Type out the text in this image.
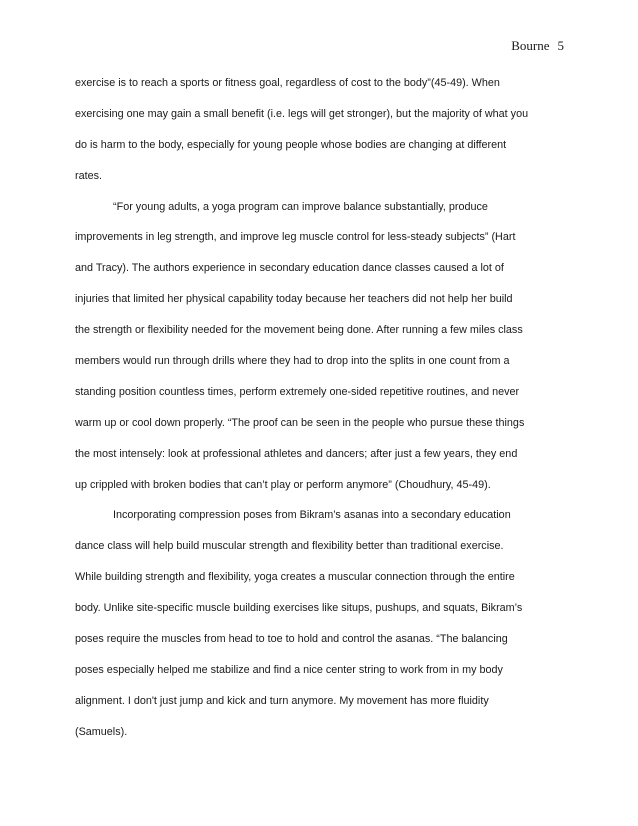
Bourne 5
exercise is to reach a sports or fitness goal, regardless of cost to the body”(45-49). When
exercising one may gain a small benefit (i.e. legs will get stronger), but the majority of what you
do is harm to the body, especially for young people whose bodies are changing at different
rates.
“For young adults, a yoga program can improve balance substantially, produce
improvements in leg strength, and improve leg muscle control for less-steady subjects” (Hart
and Tracy). The authors experience in secondary education dance classes caused a lot of
injuries that limited her physical capability today because her teachers did not help her build
the strength or flexibility needed for the movement being done. After running a few miles class
members would run through drills where they had to drop into the splits in one count from a
standing position countless times, perform extremely one-sided repetitive routines, and never
warm up or cool down properly. “The proof can be seen in the people who pursue these things
the most intensely: look at professional athletes and dancers; after just a few years, they end
up crippled with broken bodies that can’t play or perform anymore” (Choudhury, 45-49).
Incorporating compression poses from Bikram’s asanas into a secondary education
dance class will help build muscular strength and flexibility better than traditional exercise.
While building strength and flexibility, yoga creates a muscular connection through the entire
body. Unlike site-specific muscle building exercises like situps, pushups, and squats, Bikram’s
poses require the muscles from head to toe to hold and control the asanas. “The balancing
poses especially helped me stabilize and find a nice center string to work from in my body
alignment. I don't just jump and kick and turn anymore. My movement has more fluidity
(Samuels).
